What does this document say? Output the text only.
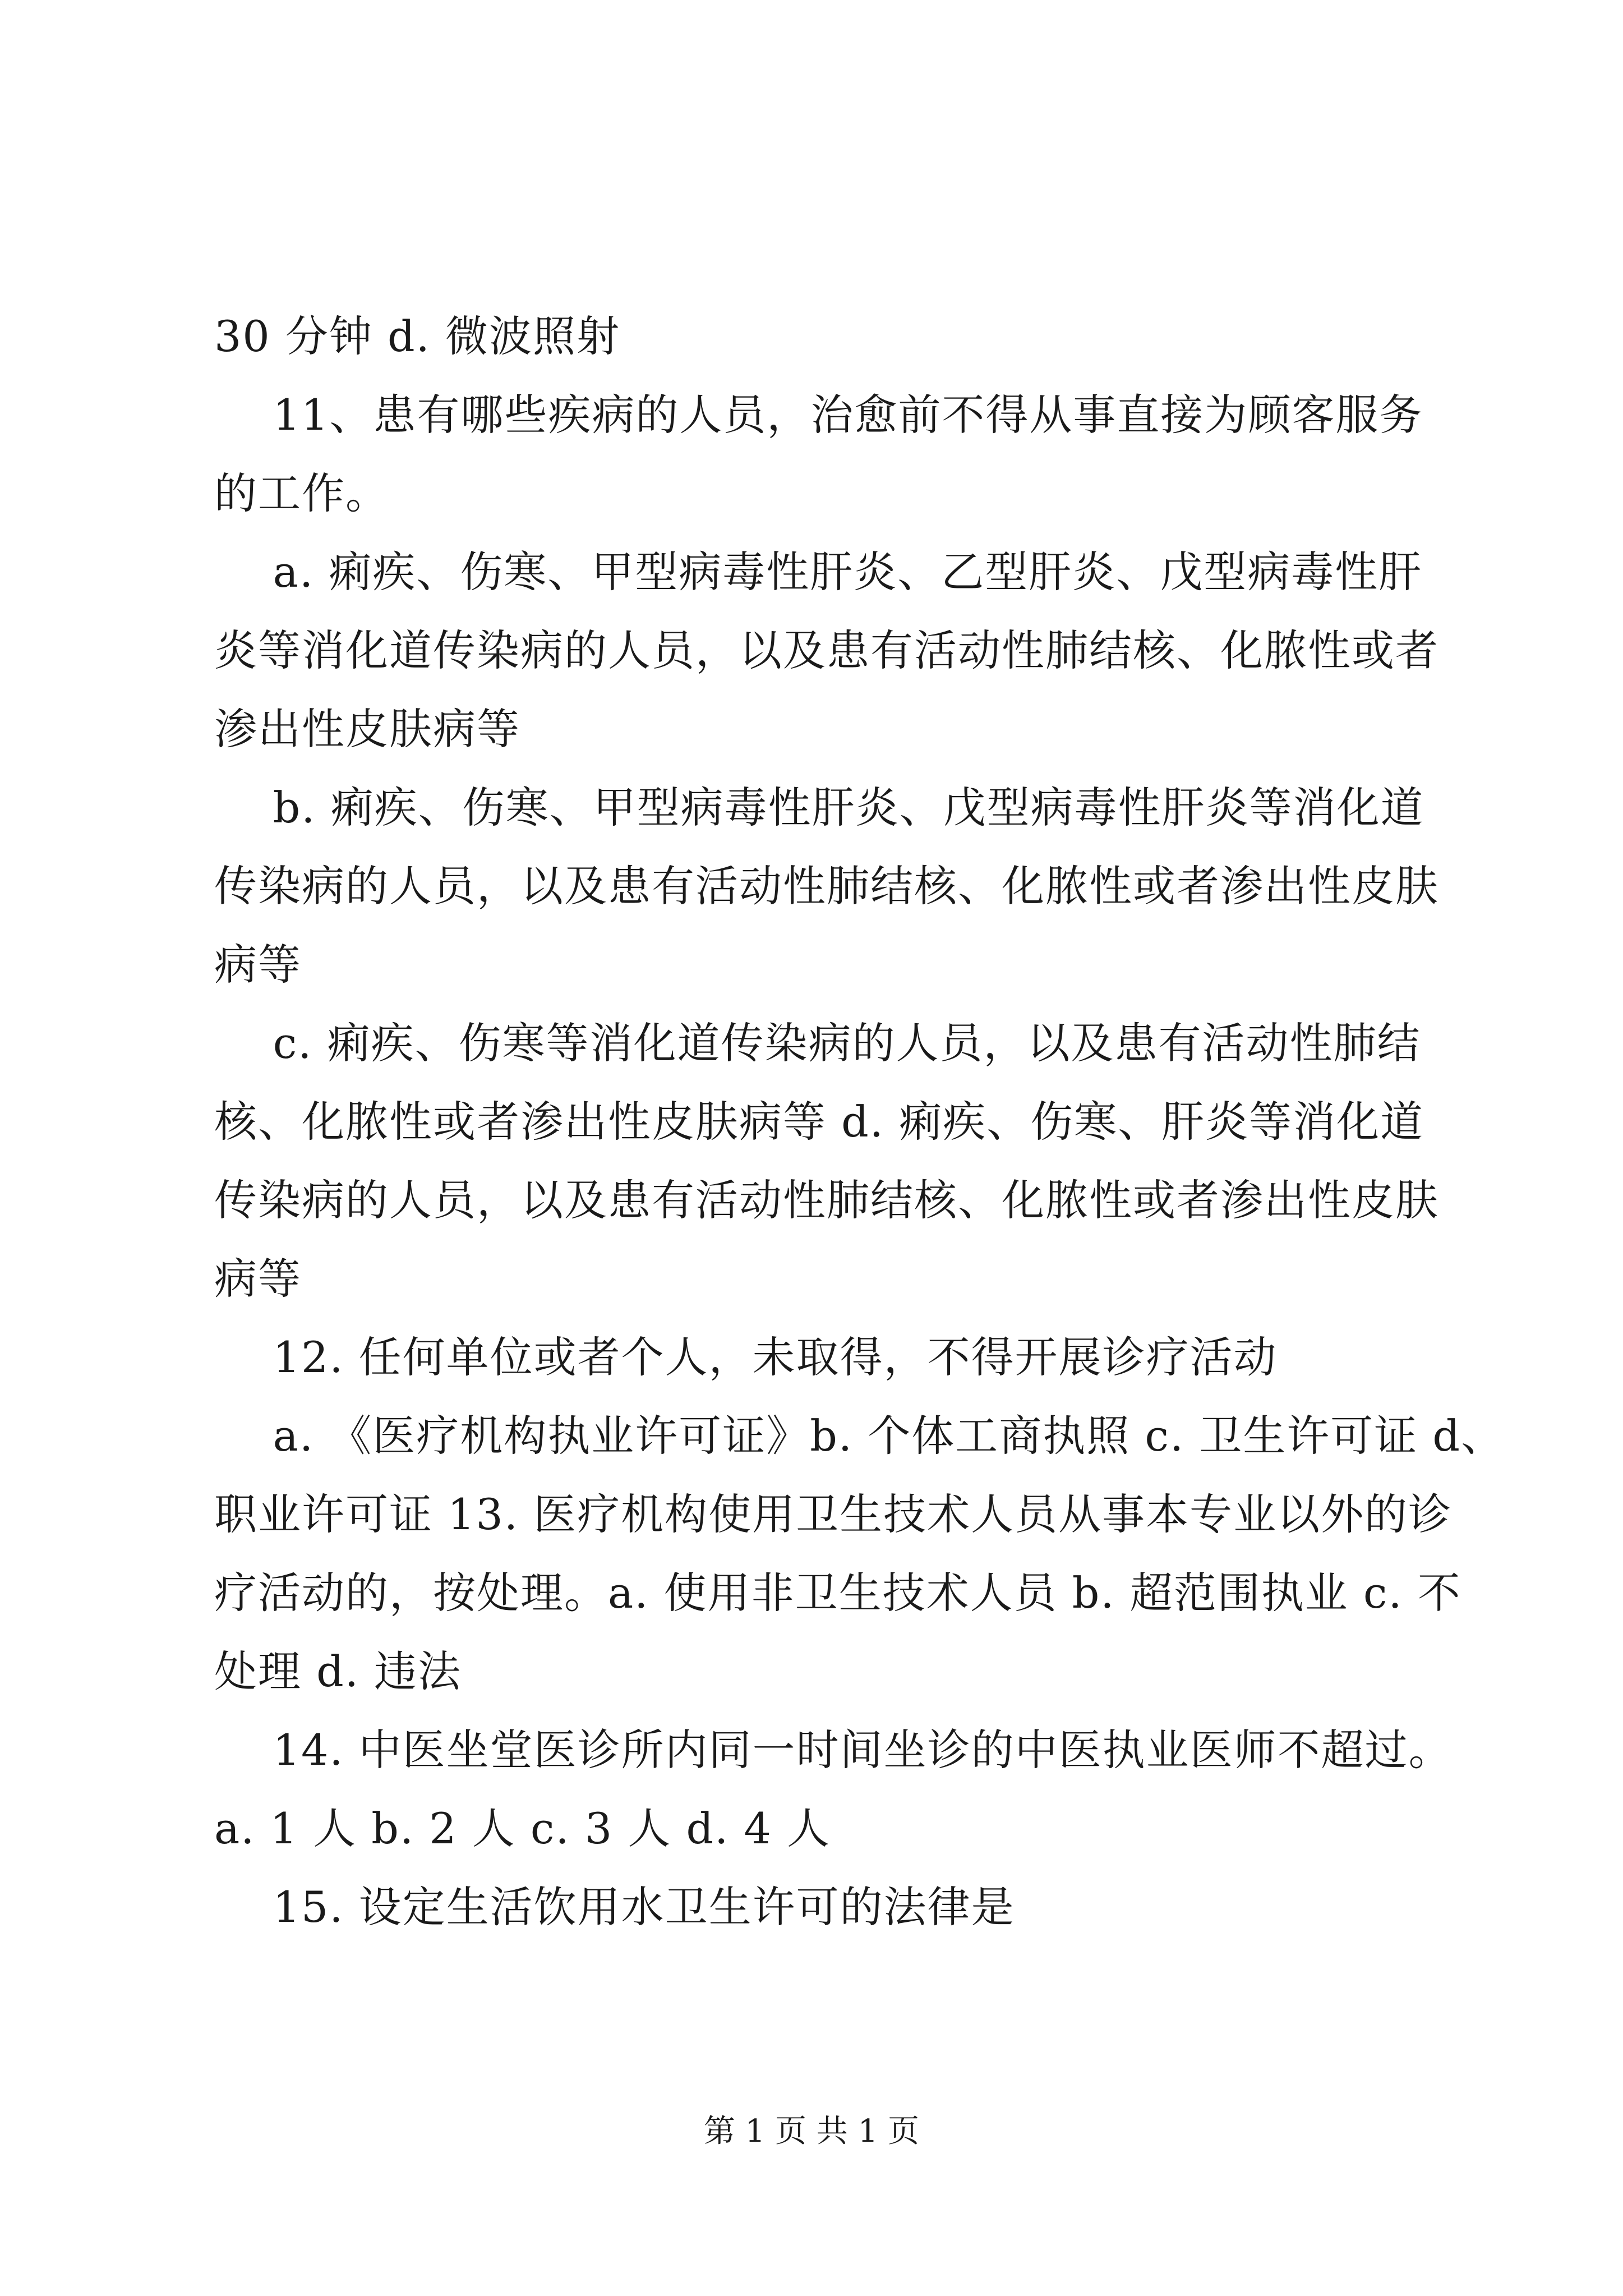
30 分钟 d. 微波照射
11、患有哪些疾病的人员，治愈前不得从事直接为顾客服务
的工作。
a. 痢疾、伤寒、甲型病毒性肝炎、乙型肝炎、戊型病毒性肝
炎等消化道传染病的人员，以及患有活动性肺结核、化脓性或者
渗出性皮肤病等
b. 痢疾、伤寒、甲型病毒性肝炎、戊型病毒性肝炎等消化道
传染病的人员，以及患有活动性肺结核、化脓性或者渗出性皮肤
病等
c. 痢疾、伤寒等消化道传染病的人员，以及患有活动性肺结
核、化脓性或者渗出性皮肤病等 d. 痢疾、伤寒、肝炎等消化道
传染病的人员，以及患有活动性肺结核、化脓性或者渗出性皮肤
病等
12. 任何单位或者个人，未取得，不得开展诊疗活动
a. 《医疗机构执业许可证》b. 个体工商执照 c. 卫生许可证 d、
职业许可证 13. 医疗机构使用卫生技术人员从事本专业以外的诊
疗活动的，按处理。a. 使用非卫生技术人员 b. 超范围执业 c. 不
处理 d. 违法
14. 中医坐堂医诊所内同一时间坐诊的中医执业医师不超过。
a. 1 人 b. 2 人 c. 3 人 d. 4 人
15. 设定生活饮用水卫生许可的法律是
第 1 页 共 1 页
